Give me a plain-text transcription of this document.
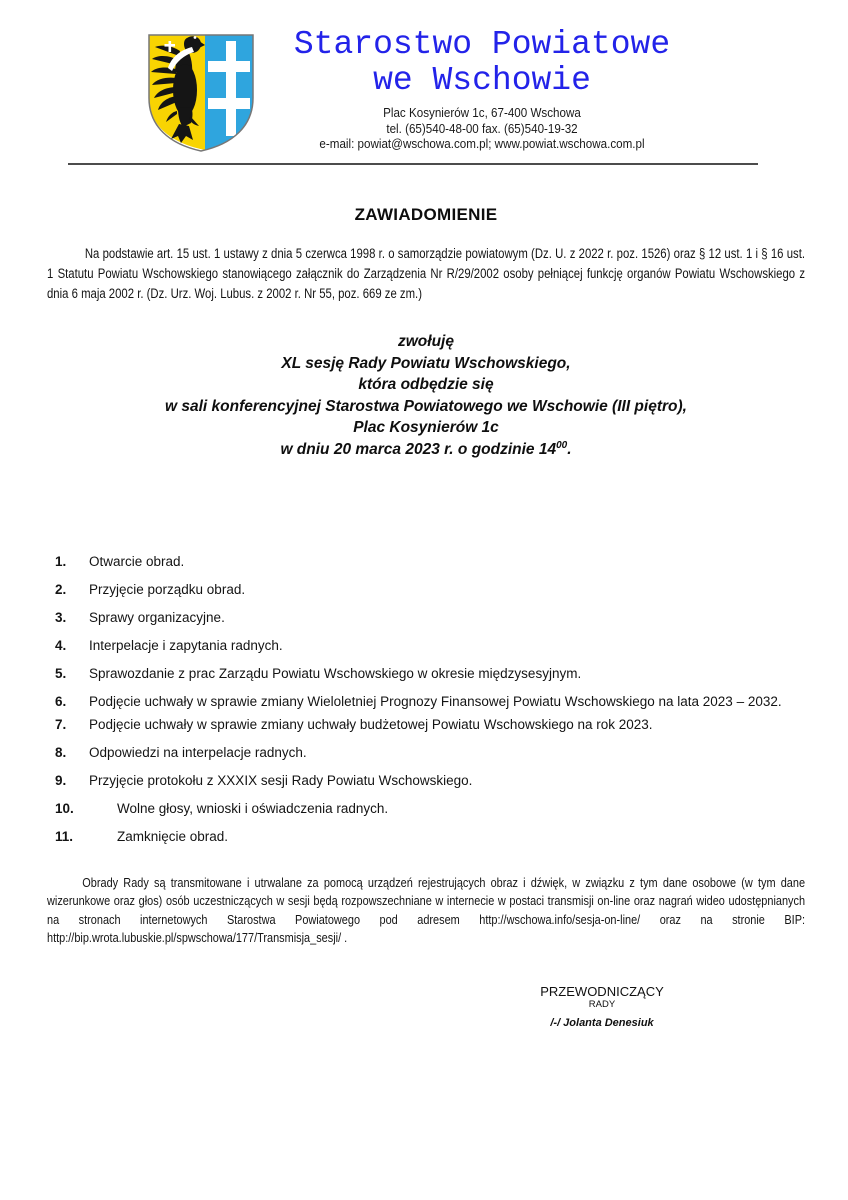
Starostwo Powiatowe
we Wschowie
Plac Kosynierów 1c, 67-400 Wschowa
tel. (65)540-48-00 fax. (65)540-19-32
e-mail: powiat@wschowa.com.pl; www.powiat.wschowa.com.pl
ZAWIADOMIENIE

Na podstawie art. 15 ust. 1 ustawy z dnia 5 czerwca 1998 r. o samorządzie powiatowym (Dz. U. z 2022 r. poz. 1526) oraz § 12 ust. 1 i § 16 ust. 1 Statutu Powiatu Wschowskiego stanowiącego załącznik do Zarządzenia Nr R/29/2002 osoby pełniącej funkcję organów Powiatu Wschowskiego z dnia 6 maja 2002 r. (Dz. Urz. Woj. Lubus. z 2002 r. Nr 55, poz. 669 ze zm.)

zwołuję
XL sesję Rady Powiatu Wschowskiego,
która odbędzie się
w sali konferencyjnej Starostwa Powiatowego we Wschowie (III piętro),
Plac Kosynierów 1c
w dniu 20 marca 2023 r. o godzinie $14^{00}$.
1.	Otwarcie obrad.
2.	Przyjęcie porządku obrad.
3.	Sprawy organizacyjne.
4.	Interpelacje i zapytania radnych.
5.	Sprawozdanie z prac Zarządu Powiatu Wschowskiego w okresie międzysesyjnym.
6.	Podjęcie uchwały w sprawie zmiany Wieloletniej Prognozy Finansowej Powiatu Wschowskiego na lata 2023 – 2032.
7.	Podjęcie uchwały w sprawie zmiany uchwały budżetowej Powiatu Wschowskiego na rok 2023.
8.	Odpowiedzi na interpelacje radnych.
9.	Przyjęcie protokołu z XXXIX sesji Rady Powiatu Wschowskiego.
10.	Wolne głosy, wnioski i oświadczenia radnych.
11.	Zamknięcie obrad.

Obrady Rady są transmitowane i utrwalane za pomocą urządzeń rejestrujących obraz i dźwięk, w związku z tym dane osobowe (w tym dane wizerunkowe oraz głos) osób uczestniczących w sesji będą rozpowszechniane w internecie w postaci transmisji on-line oraz nagrań wideo udostępnianych na stronach internetowych Starostwa Powiatowego pod adresem http://wschowa.info/sesja-on-line/ oraz na stronie BIP: http://bip.wrota.lubuskie.pl/spwschowa/177/Transmisja_sesji/ .

PRZEWODNICZĄCY
RADY
/-/ Jolanta Denesiuk
